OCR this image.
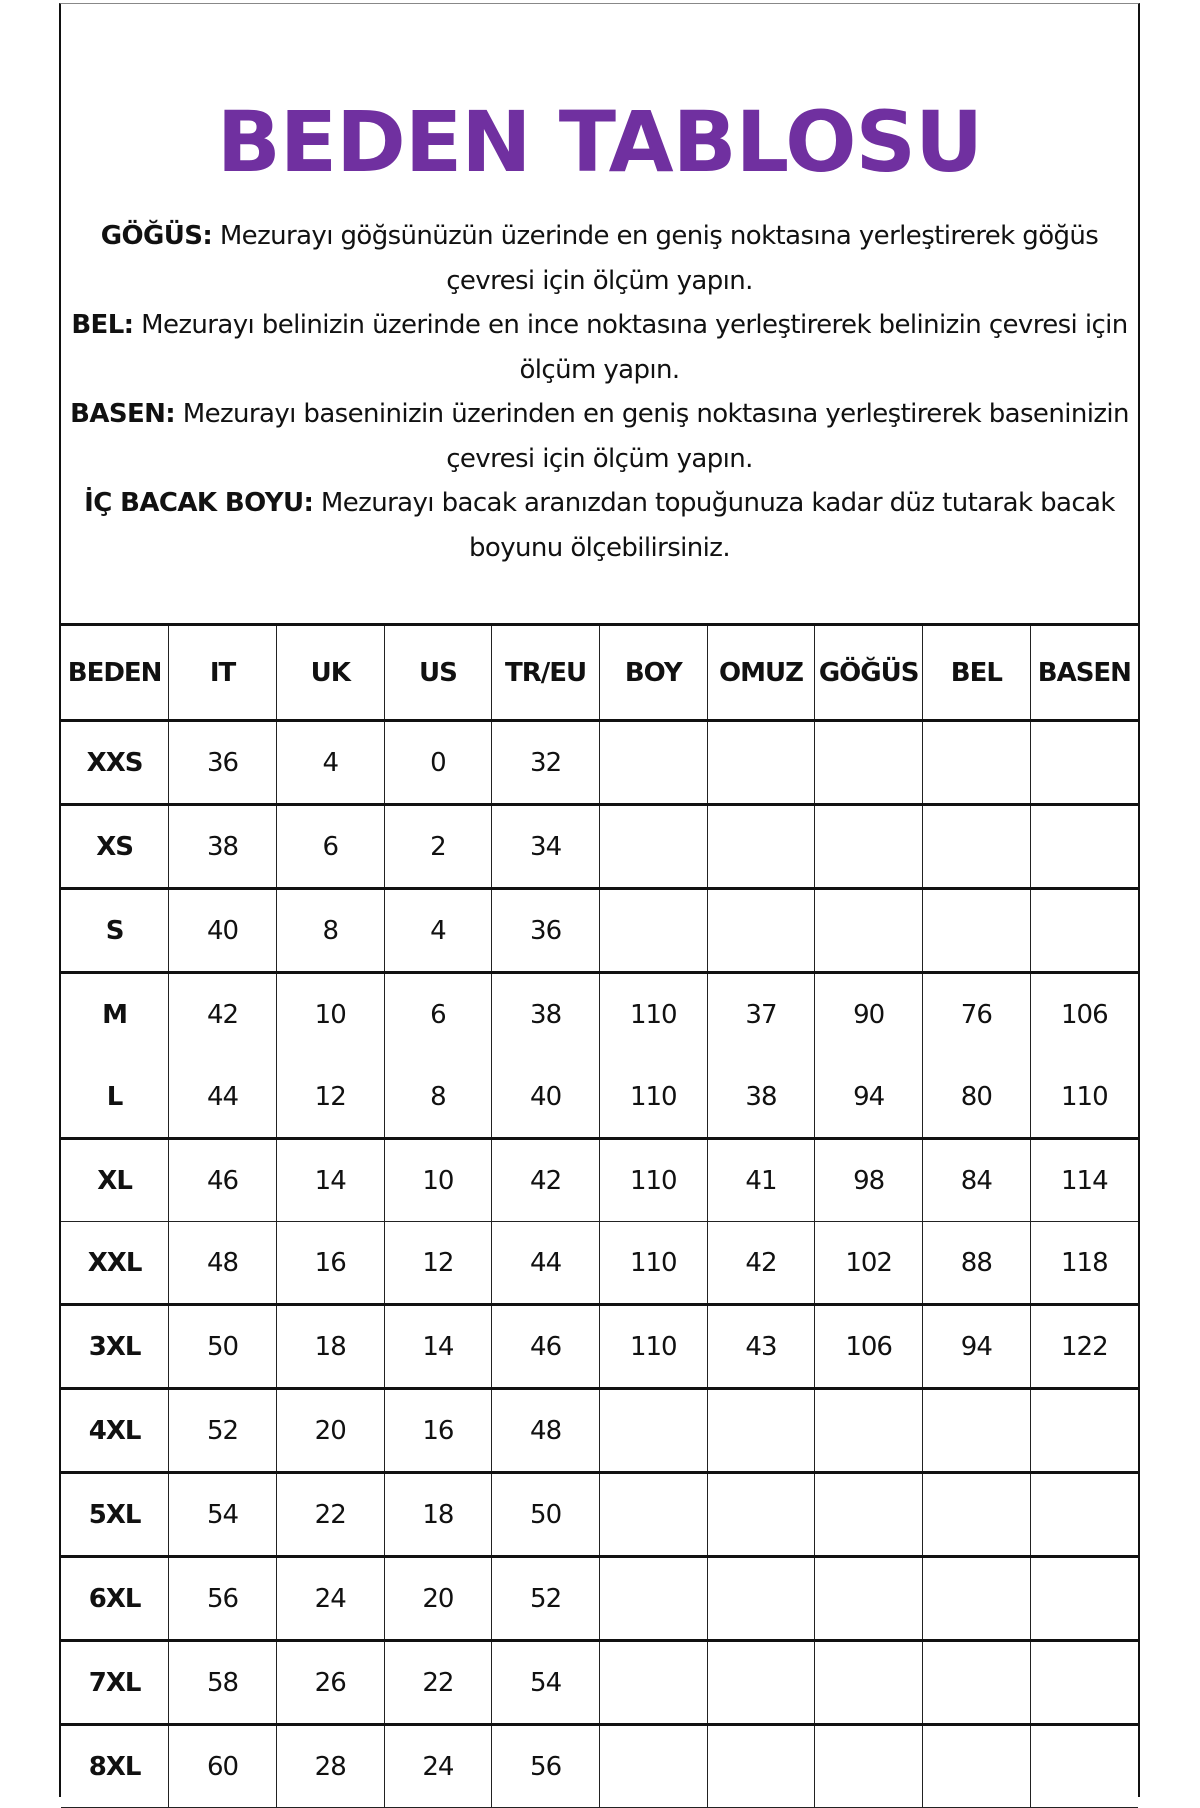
BEDEN TABLOSU

GÖĞÜS: Mezurayı göğsünüzün üzerinde en geniş noktasına yerleştirerek göğüs çevresi için ölçüm yapın.

BEL: Mezurayı belinizin üzerinde en ince noktasına yerleştirerek belinizin çevresi için ölçüm yapın.

BASEN: Mezurayı baseninizin üzerinden en geniş noktasına yerleştirerek baseninizin çevresi için ölçüm yapın.

İÇ BACAK BOYU: Mezurayı bacak aranızdan topuğunuza kadar düz tutarak bacak boyunu ölçebilirsiniz.

BEDEN	IT	UK	US	TR/EU	BOY	OMUZ	GÖĞÜS	BEL	BASEN
XXS	36	4	0	32					
XS	38	6	2	34					
S	40	8	4	36					
M	42	10	6	38	110	37	90	76	106
L	44	12	8	40	110	38	94	80	110
XL	46	14	10	42	110	41	98	84	114
XXL	48	16	12	44	110	42	102	88	118
3XL	50	18	14	46	110	43	106	94	122
4XL	52	20	16	48					
5XL	54	22	18	50					
6XL	56	24	20	52					
7XL	58	26	22	54					
8XL	60	28	24	56					
